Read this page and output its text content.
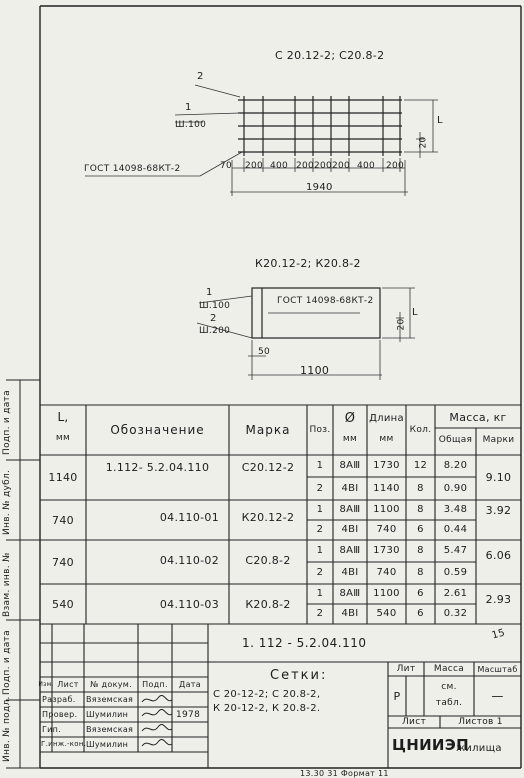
С 20.12-2; С20.8-2
2
1
Ш.100
ГОСТ 14098-68КТ-2	70 200 400 200 200 200 400 200
1940
L
20
К20.12-2; К20.8-2
1
Ш.100
2
Ш.200
ГОСТ 14098-68КТ-2
50
1100
20
L
L,
мм
Обозначение	Марка	Поз.
Ø
мм
Длина
мм
Кол.
Масса, кг
Общая	Марки
1140
1.112- 5.2.04.110	С20.12-2	1	8АⅢ	1730	12	8.20
2	4ВⅠ	1140	8	0.90
9.10
740	04.110-01	К20.12-2
1	8АⅢ	1100	8	3.48
2	4ВⅠ	740	6	0.44
3.92
740	04.110-02	С20.8-2
1	8АⅢ	1730	8	5.47
2	4ВⅠ	740	8	0.59
6.06
540	04.110-03	К20.8-2
1	8АⅢ	1100	6	2.61
2	4ВⅠ	540	6	0.32
2.93
1. 112 - 5.2.04.110
15
Изм. Лист	№ докум.	Подп.	Дата
Разраб. Вяземская
Провер. Шумилин	1978
Гип.	Вяземская
Г.инж.-кон. Шумилин
Сетки:
С 20-12-2; С 20.8-2,
К 20-12-2, К 20.8-2.
Лит	Масса	Масштаб
Р
см.
табл.	—
Лист	Листов 1
ЦНИИЭП
жилища
13.30 31 Формат 11
Инв. № подл.
Подп. и дата
Взам. инв. №
Инв. № дубл.
Подп. и дата
